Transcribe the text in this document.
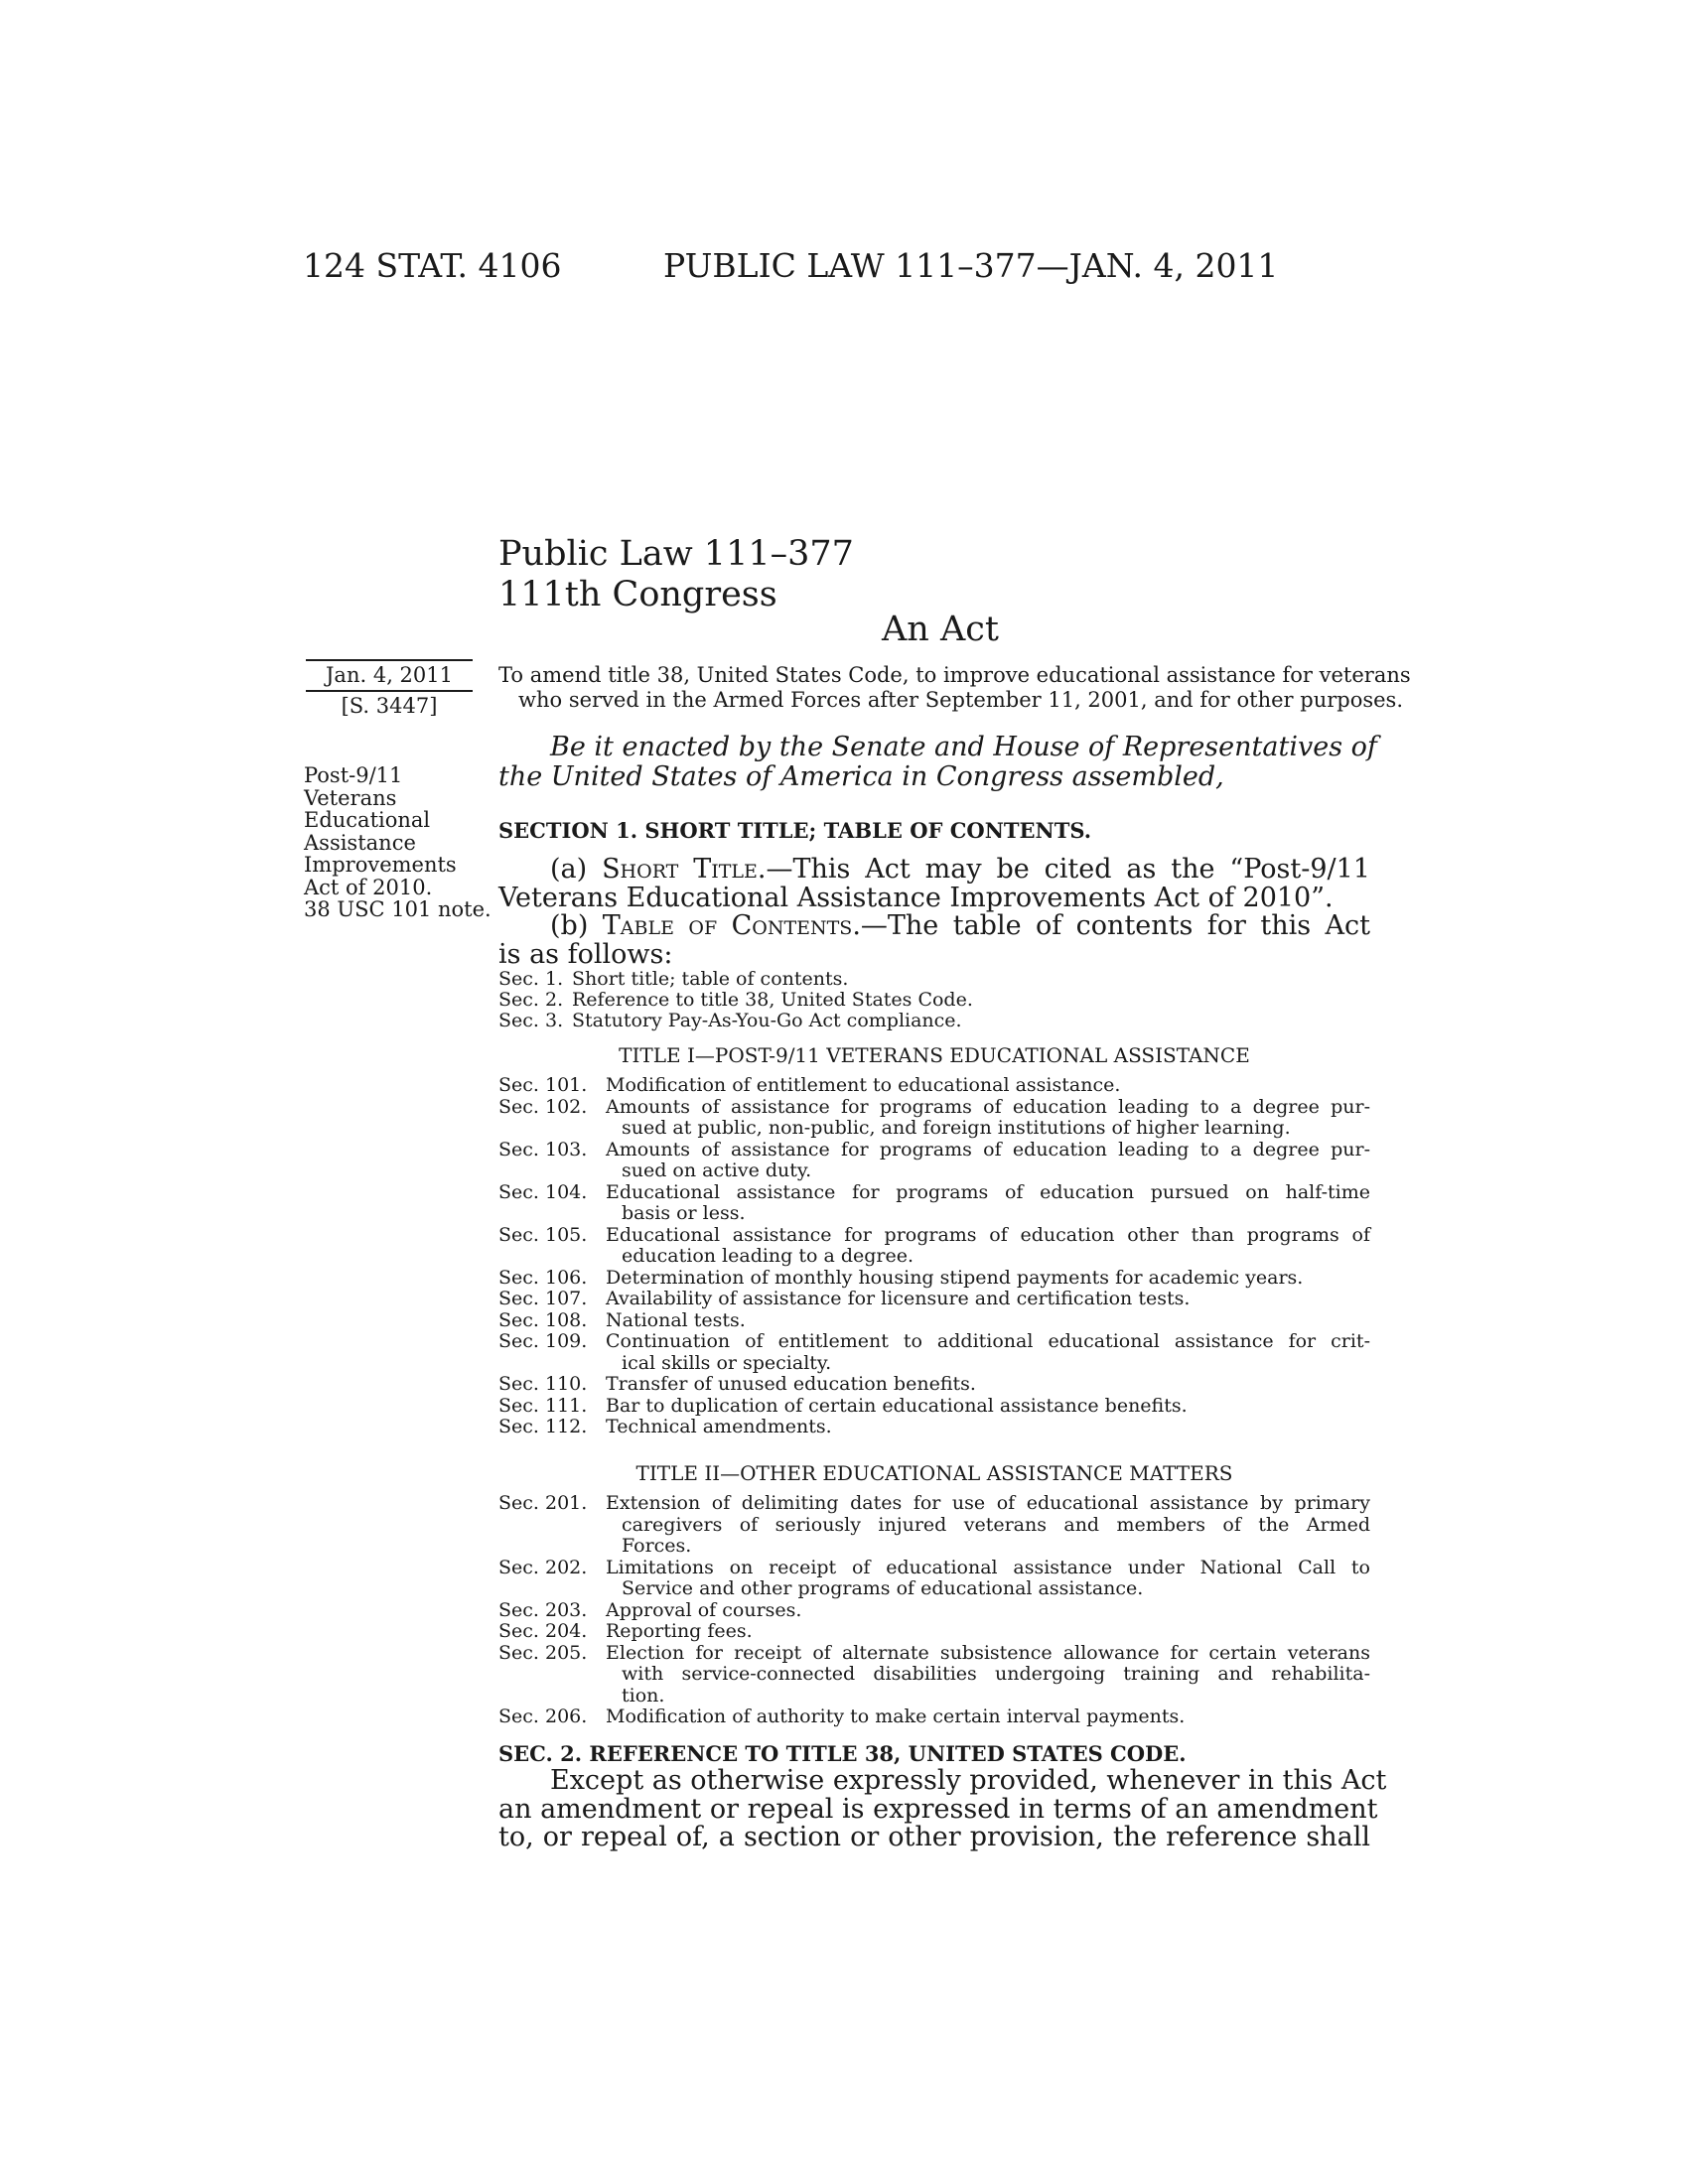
124 STAT. 4106	PUBLIC LAW 111–377—JAN. 4, 2011
Public Law 111–377
111th Congress
An Act
Jan. 4, 2011
[S. 3447]
Post-9/11
Veterans
Educational
Assistance
Improvements
Act of 2010.
38 USC 101 note.
To amend title 38, United States Code, to improve educational assistance for veterans
who served in the Armed Forces after September 11, 2001, and for other purposes.
Be it enacted by the Senate and House of Representatives of
the United States of America in Congress assembled,
SECTION 1. SHORT TITLE; TABLE OF CONTENTS.
(a) Short Title.—This Act may be cited as the “Post-9/11
Veterans Educational Assistance Improvements Act of 2010”.
(b) Table of Contents.—The table of contents for this Act
is as follows:
Sec. 1. Short title; table of contents.
Sec. 2. Reference to title 38, United States Code.
Sec. 3. Statutory Pay-As-You-Go Act compliance.
TITLE I—POST-9/11 VETERANS EDUCATIONAL ASSISTANCE
Sec. 101. Modification of entitlement to educational assistance.
Sec. 102. Amounts of assistance for programs of education leading to a degree pur-
sued at public, non-public, and foreign institutions of higher learning.
Sec. 103. Amounts of assistance for programs of education leading to a degree pur-
sued on active duty.
Sec. 104. Educational assistance for programs of education pursued on half-time
basis or less.
Sec. 105. Educational assistance for programs of education other than programs of
education leading to a degree.
Sec. 106. Determination of monthly housing stipend payments for academic years.
Sec. 107. Availability of assistance for licensure and certification tests.
Sec. 108. National tests.
Sec. 109. Continuation of entitlement to additional educational assistance for crit-
ical skills or specialty.
Sec. 110. Transfer of unused education benefits.
Sec. 111. Bar to duplication of certain educational assistance benefits.
Sec. 112. Technical amendments.
TITLE II—OTHER EDUCATIONAL ASSISTANCE MATTERS
Sec. 201. Extension of delimiting dates for use of educational assistance by primary
caregivers of seriously injured veterans and members of the Armed
Forces.
Sec. 202. Limitations on receipt of educational assistance under National Call to
Service and other programs of educational assistance.
Sec. 203. Approval of courses.
Sec. 204. Reporting fees.
Sec. 205. Election for receipt of alternate subsistence allowance for certain veterans
with service-connected disabilities undergoing training and rehabilita-
tion.
Sec. 206. Modification of authority to make certain interval payments.
SEC. 2. REFERENCE TO TITLE 38, UNITED STATES CODE.
Except as otherwise expressly provided, whenever in this Act
an amendment or repeal is expressed in terms of an amendment
to, or repeal of, a section or other provision, the reference shall
